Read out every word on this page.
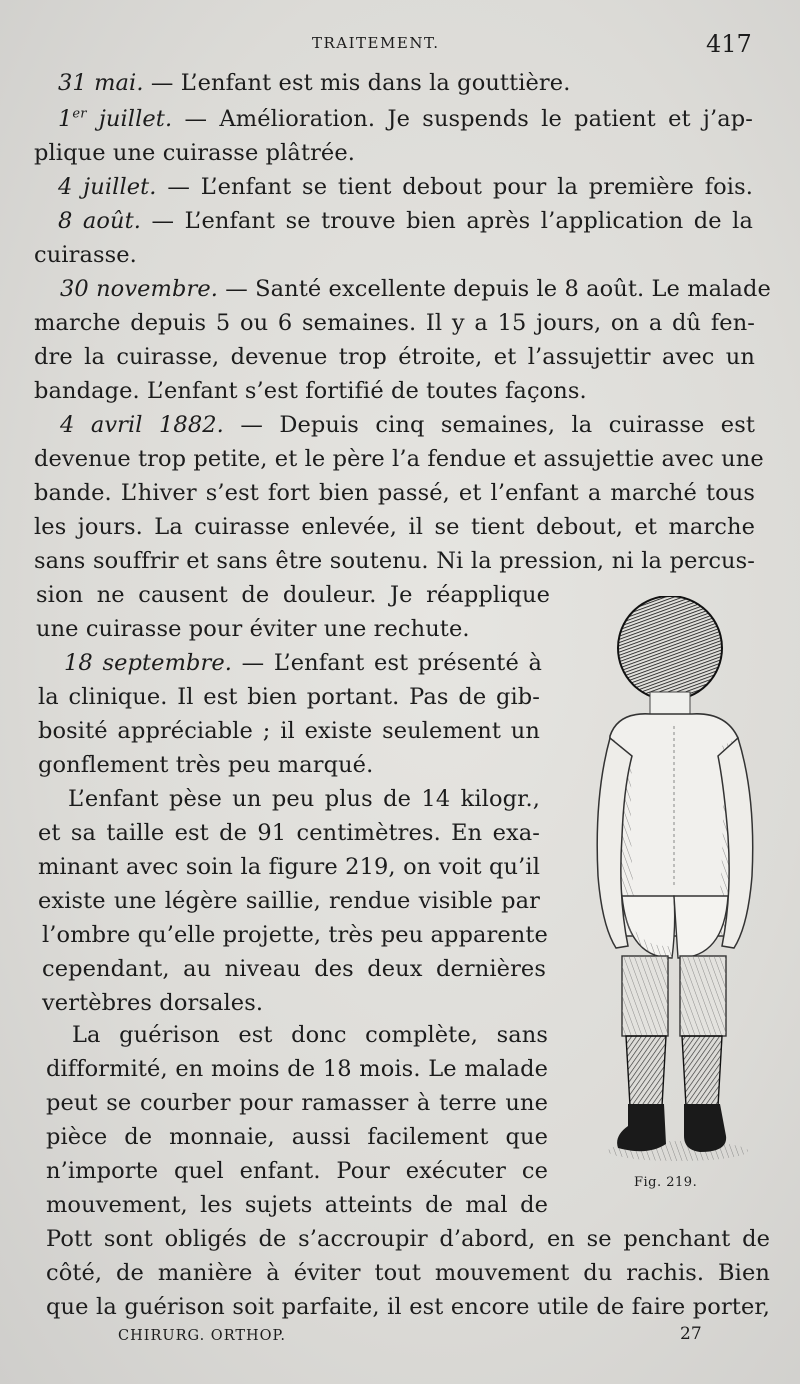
TRAITEMENT.	417
31 mai. — L’enfant est mis dans la gouttière.
1er juillet. — Amélioration. Je suspends le patient et j’ap-
plique une cuirasse plâtrée.
4 juillet. — L’enfant se tient debout pour la première fois.
8 août. — L’enfant se trouve bien après l’application de la
cuirasse.
30 novembre. — Santé excellente depuis le 8 août. Le malade
marche depuis 5 ou 6 semaines. Il y a 15 jours, on a dû fen-
dre la cuirasse, devenue trop étroite, et l’assujettir avec un
bandage. L’enfant s’est fortifié de toutes façons.
4 avril 1882. — Depuis cinq semaines, la cuirasse est
devenue trop petite, et le père l’a fendue et assujettie avec une
bande. L’hiver s’est fort bien passé, et l’enfant a marché tous
les jours. La cuirasse enlevée, il se tient debout, et marche
sans souffrir et sans être soutenu. Ni la pression, ni la percus-
sion ne causent de douleur. Je réapplique
une cuirasse pour éviter une rechute.
18 septembre. — L’enfant est présenté à
la clinique. Il est bien portant. Pas de gib-
bosité appréciable ; il existe seulement un
gonflement très peu marqué.
L’enfant pèse un peu plus de 14 kilogr.,
et sa taille est de 91 centimètres. En exa-
minant avec soin la figure 219, on voit qu’il
existe une légère saillie, rendue visible par
l’ombre qu’elle projette, très peu apparente
cependant, au niveau des deux dernières
vertèbres dorsales.
La guérison est donc complète, sans
difformité, en moins de 18 mois. Le malade
peut se courber pour ramasser à terre une
pièce de monnaie, aussi facilement que
n’importe quel enfant. Pour exécuter ce
mouvement, les sujets atteints de mal de
Pott sont obligés de s’accroupir d’abord, en se penchant de
côté, de manière à éviter tout mouvement du rachis. Bien
que la guérison soit parfaite, il est encore utile de faire porter,
Fig. 219.
CHIRURG. ORTHOP.	27
